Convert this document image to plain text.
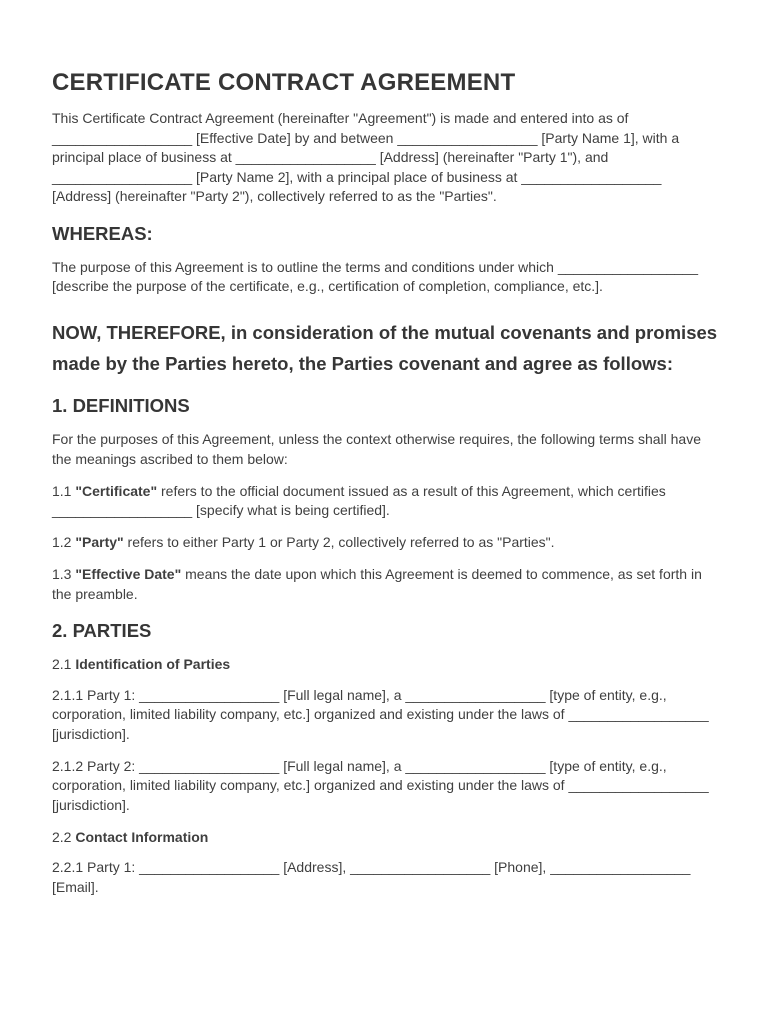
CERTIFICATE CONTRACT AGREEMENT

This Certificate Contract Agreement (hereinafter "Agreement") is made and entered into as of __________________ [Effective Date] by and between __________________ [Party Name 1], with a principal place of business at __________________ [Address] (hereinafter "Party 1"), and __________________ [Party Name 2], with a principal place of business at __________________ [Address] (hereinafter "Party 2"), collectively referred to as the "Parties".

WHEREAS:

The purpose of this Agreement is to outline the terms and conditions under which __________________ [describe the purpose of the certificate, e.g., certification of completion, compliance, etc.].

NOW, THEREFORE, in consideration of the mutual covenants and promises made by the Parties hereto, the Parties covenant and agree as follows:
1. DEFINITIONS

For the purposes of this Agreement, unless the context otherwise requires, the following terms shall have the meanings ascribed to them below:

1.1 "Certificate" refers to the official document issued as a result of this Agreement, which certifies __________________ [specify what is being certified].

1.2 "Party" refers to either Party 1 or Party 2, collectively referred to as "Parties".

1.3 "Effective Date" means the date upon which this Agreement is deemed to commence, as set forth in the preamble.

2. PARTIES
2.1 Identification of Parties

2.1.1 Party 1: __________________ [Full legal name], a __________________ [type of entity, e.g., corporation, limited liability company, etc.] organized and existing under the laws of __________________ [jurisdiction].

2.1.2 Party 2: __________________ [Full legal name], a __________________ [type of entity, e.g., corporation, limited liability company, etc.] organized and existing under the laws of __________________ [jurisdiction].

2.2 Contact Information

2.2.1 Party 1: __________________ [Address], __________________ [Phone], __________________ [Email].
